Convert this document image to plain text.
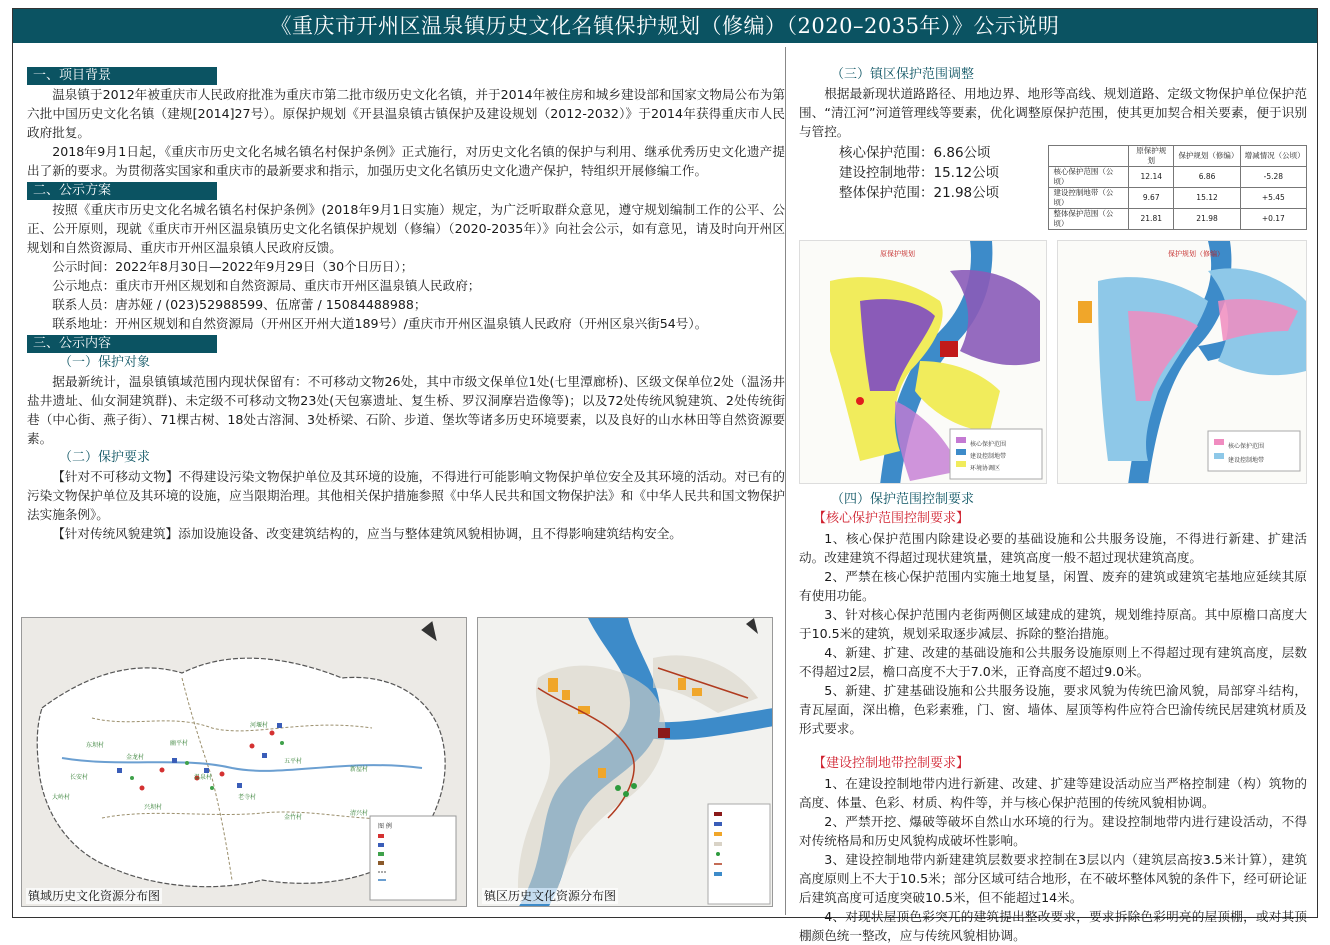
《重庆市开州区温泉镇历史文化名镇保护规划（修编）（2020–2035年）》公示说明
一、项目背景

温泉镇于2012年被重庆市人民政府批准为重庆市第二批市级历史文化名镇，并于2014年被住房和城乡建设部和国家文物局公布为第六批中国历史文化名镇（建规[2014]27号）。原保护规划《开县温泉镇古镇保护及建设规划（2012-2032）》于2014年获得重庆市人民政府批复。

2018年9月1日起，《重庆市历史文化名城名镇名村保护条例》正式施行，对历史文化名镇的保护与利用、继承优秀历史文化遗产提出了新的要求。为贯彻落实国家和重庆市的最新要求和指示，加强历史文化名镇历史文化遗产保护，特组织开展修编工作。

二、公示方案

按照《重庆市历史文化名城名镇名村保护条例》(2018年9月1日实施）规定，为广泛听取群众意见，遵守规划编制工作的公平、公正、公开原则，现就《重庆市开州区温泉镇历史文化名镇保护规划（修编）（2020-2035年）》向社会公示，如有意见，请及时向开州区规划和自然资源局、重庆市开州区温泉镇人民政府反馈。

公示时间：2022年8月30日—2022年9月29日（30个日历日）；

公示地点：重庆市开州区规划和自然资源局、重庆市开州区温泉镇人民政府；

联系人员：唐苏娅 / (023)52988599、伍席蕾 / 15084488988；

联系地址：开州区规划和自然资源局（开州区开州大道189号）/重庆市开州区温泉镇人民政府（开州区泉兴街54号）。

三、公示内容
（一）保护对象

据最新统计，温泉镇镇域范围内现状保留有：不可移动文物26处，其中市级文保单位1处(七里潭廊桥)、区级文保单位2处（温汤井盐井遗址、仙女洞建筑群)、未定级不可移动文物23处(天包寨遗址、复生桥、罗汉洞摩岩造像等)；以及72处传统风貌建筑、2处传统街巷（中心街、燕子街）、71棵古树、18处古溶洞、3处桥梁、石阶、步道、堡坎等诸多历史环境要素，以及良好的山水林田等自然资源要素。

（二）保护要求

【针对不可移动文物】不得建设污染文物保护单位及其环境的设施，不得进行可能影响文物保护单位安全及其环境的活动。对已有的污染文物保护单位及其环境的设施，应当限期治理。其他相关保护措施参照《中华人民共和国文物保护法》和《中华人民共和国文物保护法实施条例》。

【针对传统风貌建筑】添加设施设备、改变建筑结构的，应当与整体建筑风貌相协调，且不得影响建筑结构安全。

图 例
河堰村
东坝村	幽平村
温泉村
五平村
新屋村
长安村
大岭村
兴坝村
金竹村
清兴村
金龙村
老寺村
镇域历史文化资源分布图	镇区历史文化资源分布图
（三）镇区保护范围调整

根据最新现状道路路径、用地边界、地形等高线、规划道路、定级文物保护单位保护范围、“清江河”河道管理线等要素，优化调整原保护范围，使其更加契合相关要素，便于识别与管控。

核心保护范围：6.86公顷
建设控制地带：15.12公顷
整体保护范围：21.98公顷
	原保护规划	保护规划（修编）	增减情况（公顷）
核心保护范围（公顷）	12.14	6.86	-5.28
建设控制地带（公顷）	9.67	15.12	+5.45
整体保护范围（公顷）	21.81	21.98	+0.17
原保护规划
核心保护范围
建设控制地带
环境协调区
保护规划（修编）
核心保护范围
建设控制地带
（四）保护范围控制要求
【核心保护范围控制要求】

1、核心保护范围内除建设必要的基础设施和公共服务设施，不得进行新建、扩建活动。改建建筑不得超过现状建筑量，建筑高度一般不超过现状建筑高度。

2、严禁在核心保护范围内实施土地复垦，闲置、废弃的建筑或建筑宅基地应延续其原有使用功能。

3、针对核心保护范围内老街两侧区域建成的建筑，规划维持原高。其中原檐口高度大于10.5米的建筑，规划采取逐步减层、拆除的整治措施。

4、新建、扩建、改建的基础设施和公共服务设施原则上不得超过现有建筑高度，层数不得超过2层，檐口高度不大于7.0米，正脊高度不超过9.0米。

5、新建、扩建基础设施和公共服务设施，要求风貌为传统巴渝风貌，局部穿斗结构，青瓦屋面，深出檐，色彩素雅，门、窗、墙体、屋顶等构件应符合巴渝传统民居建筑材质及形式要求。

【建设控制地带控制要求】

1、在建设控制地带内进行新建、改建、扩建等建设活动应当严格控制建（构）筑物的高度、体量、色彩、材质、构件等，并与核心保护范围的传统风貌相协调。

2、严禁开挖、爆破等破坏自然山水环境的行为。建设控制地带内进行建设活动，不得对传统格局和历史风貌构成破坏性影响。

3、建设控制地带内新建建筑层数要求控制在3层以内（建筑层高按3.5米计算），建筑高度原则上不大于10.5米；部分区域可结合地形，在不破坏整体风貌的条件下，经可研论证后建筑高度可适度突破10.5米，但不能超过14米。

4、对现状屋顶色彩突兀的建筑提出整改要求，要求拆除色彩明亮的屋顶棚，或对其顶棚颜色统一整改，应与传统风貌相协调。
